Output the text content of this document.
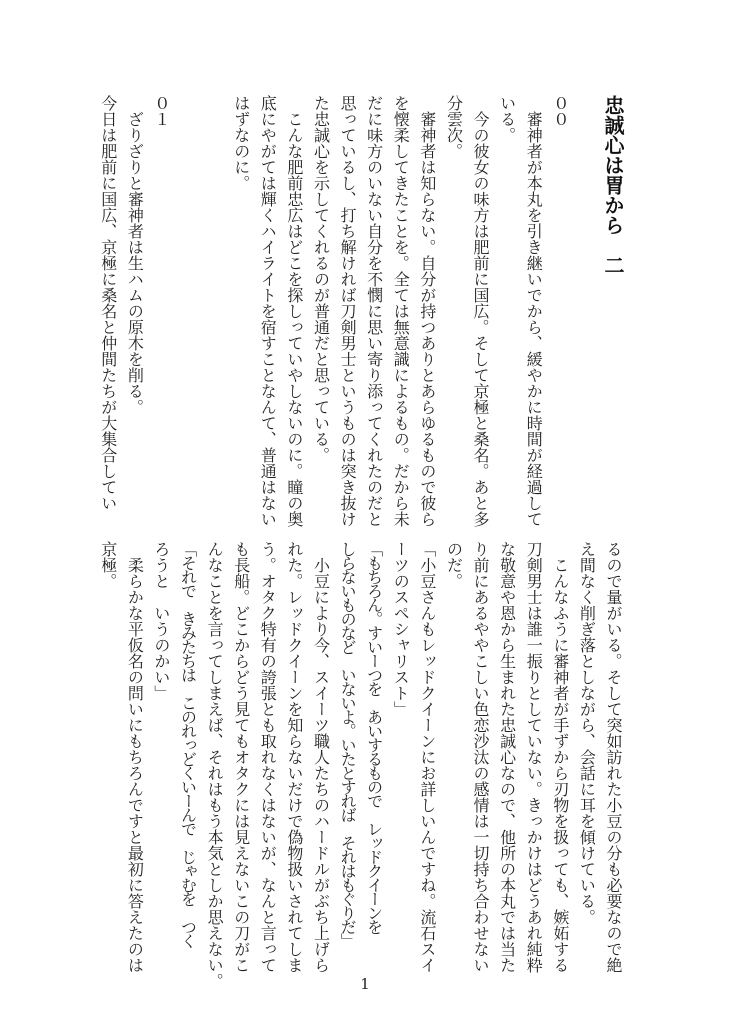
忠誠心は胃から　二
００
　審神者が本丸を引き継いでから、緩やかに時間が経過して
いる。
　今の彼女の味方は肥前に国広。そして京極と桑名。あと多
分雲次。
　審神者は知らない。自分が持つありとあらゆるもので彼ら
を懐柔してきたことを。全ては無意識によるもの。だから未
だに味方のいない自分を不憫に思い寄り添ってくれたのだと
思っているし、打ち解ければ刀剣男士というものは突き抜け
た忠誠心を示してくれるのが普通だと思っている。
　こんな肥前忠広はどこを探しっていやしないのに。瞳の奥
底にやがては輝くハイライトを宿すことなんて、普通はない
はずなのに。
０１
　ざりざりと審神者は生ハムの原木を削る。
今日は肥前に国広、京極に桑名と仲間たちが大集合してい
るので量がいる。そして突如訪れた小豆の分も必要なので絶
え間なく削ぎ落としながら、会話に耳を傾けている。
　こんなふうに審神者が手ずから刃物を扱っても、嫉妬する
刀剣男士は誰一振りとしていない。きっかけはどうあれ純粋
な敬意や恩から生まれた忠誠心なので、他所の本丸では当た
り前にあるややこしい色恋沙汰の感情は一切持ち合わせない
のだ。
「小豆さんもレッドクイーンにお詳しいんですね。流石スイ
ーツのスペシャリスト」
「もちろん。すいーつを　あいするもので　レッドクイーンを
しらないものなど　いないよ。いたとすれば　それはもぐりだ」
　小豆により今、スイーツ職人たちのハードルがぶち上げら
れた。レッドクイーンを知らないだけで偽物扱いされてしま
う。オタク特有の誇張とも取れなくはないが、なんと言って
も長船。どこからどう見てもオタクには見えないこの刀がこ
んなことを言ってしまえば、それはもう本気としか思えない。
「それで　きみたちは　このれっどくいーんで　じゃむを　つく
ろうと　いうのかい」
　柔らかな平仮名の問いにもちろんですと最初に答えたのは
京極。
1
